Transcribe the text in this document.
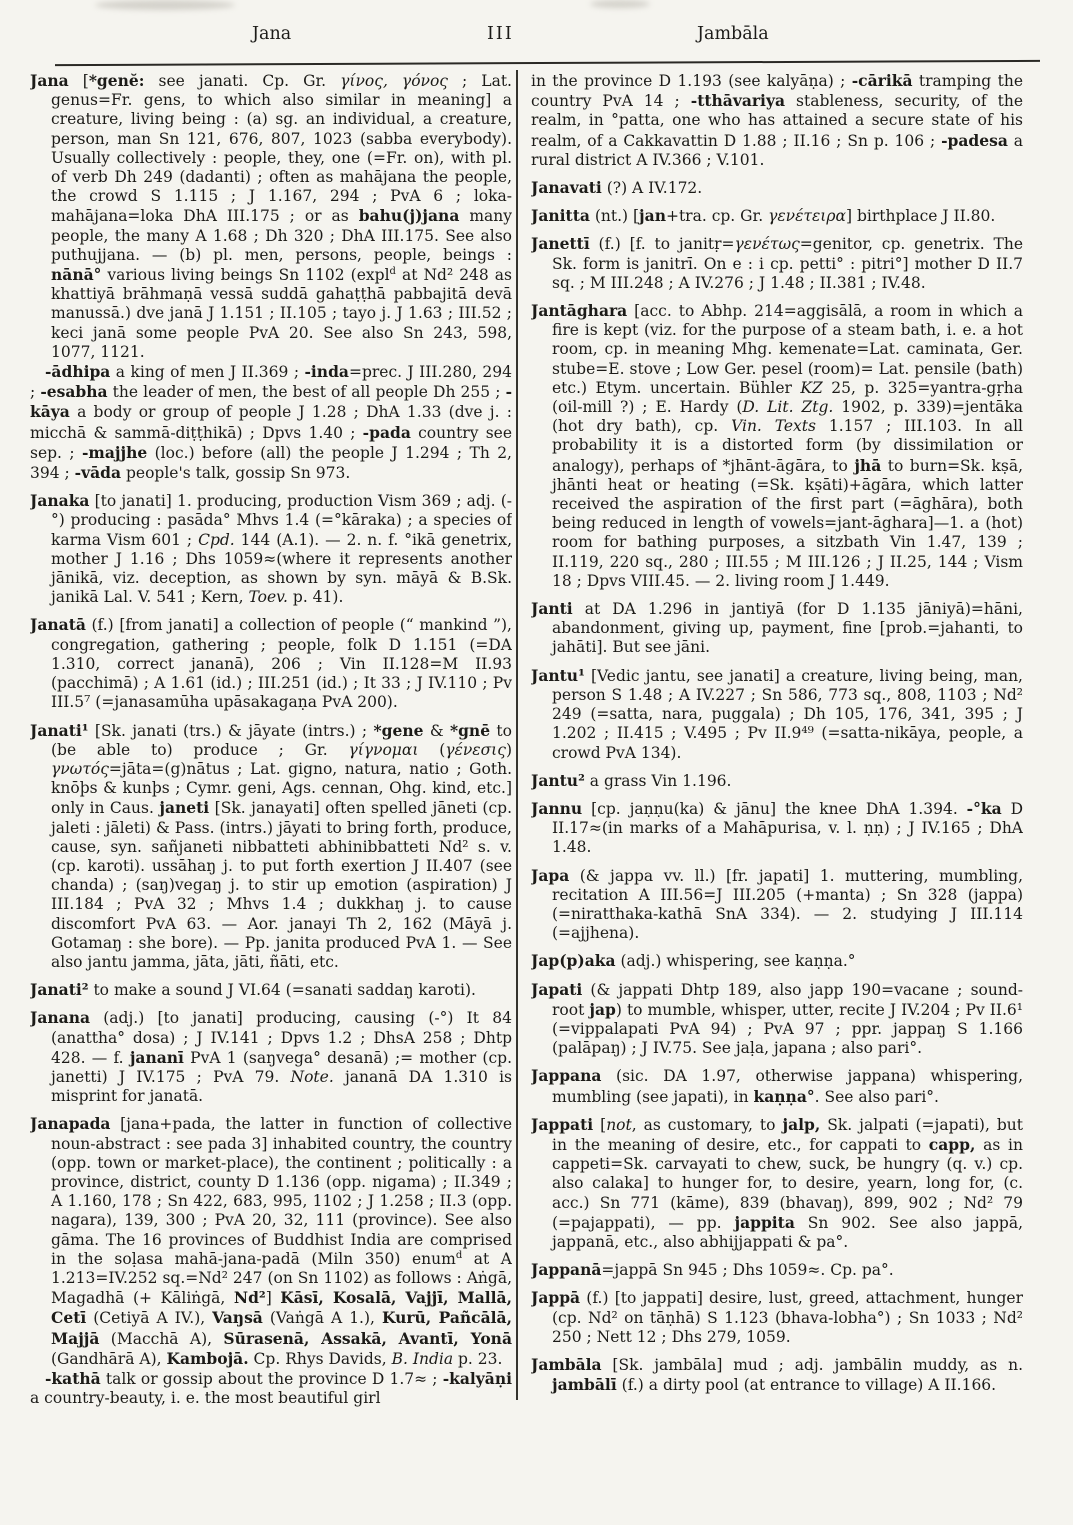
Jana	III	Jambāla

Jana [*genĕ: see janati. Cp. Gr. γίνος, γόνος ; Lat. genus=Fr. gens, to which also similar in meaning] a creature, living being : (a) sg. an individual, a creature, person, man Sn 121, 676, 807, 1023 (sabba everybody). Usually collectively : people, they, one (=Fr. on), with pl. of verb Dh 249 (dadanti) ; often as mahājana the people, the crowd S 1.115 ; J 1.167, 294 ; PvA 6 ; loka-mahājana=loka DhA III.175 ; or as bahu(j)jana many people, the many A 1.68 ; Dh 320 ; DhA III.175. See also puthujjana. — (b) pl. men, persons, people, beings : nānā° various living beings Sn 1102 (expl$^d$ at Nd² 248 as khattiyā brāhmaṇā vessā suddā gahaṭṭhā pabbajitā devā manussā.) dve janā J 1.151 ; II.105 ; tayo j. J 1.63 ; III.52 ; keci janā some people PvA 20. See also Sn 243, 598, 1077, 1121.

-ādhipa a king of men J II.369 ; -inda=prec. J III.280, 294 ; -esabha the leader of men, the best of all people Dh 255 ; -kāya a body or group of people J 1.28 ; DhA 1.33 (dve j. : micchā & sammā-diṭṭhikā) ; Dpvs 1.40 ; -pada country see sep. ; -majjhe (loc.) before (all) the people J 1.294 ; Th 2, 394 ; -vāda people's talk, gossip Sn 973.

Janaka [to janati] 1. producing, production Vism 369 ; adj. (-°) producing : pasāda° Mhvs 1.4 (=°kāraka) ; a species of karma Vism 601 ; Cpd. 144 (A.1). — 2. n. f. °ikā genetrix, mother J 1.16 ; Dhs 1059≈(where it represents another jānikā, viz. deception, as shown by syn. māyā & B.Sk. janikā Lal. V. 541 ; Kern, Toev. p. 41).

Janatā (f.) [from janati] a collection of people (“ mankind ”), congregation, gathering ; people, folk D 1.151 (=DA 1.310, correct jananā), 206 ; Vin II.128=M II.93 (pacchimā) ; A 1.61 (id.) ; III.251 (id.) ; It 33 ; J IV.110 ; Pv III.5⁷ (=janasamūha upāsakagaṇa PvA 200).

Janati¹ [Sk. janati (trs.) & jāyate (intrs.) ; *gene & *gnē to (be able to) produce ; Gr. γίγνομαι (γένεσις) γνωτός=jāta=(g)nātus ; Lat. gigno, natura, natio ; Goth. knōþs & kunþs ; Cymr. geni, Ags. cennan, Ohg. kind, etc.] only in Caus. janeti [Sk. janayati] often spelled jāneti (cp. jaleti : jāleti) & Pass. (intrs.) jāyati to bring forth, produce, cause, syn. sañjaneti nibbatteti abhinibbatteti Nd² s. v. (cp. karoti). ussāhaŋ j. to put forth exertion J II.407 (see chanda) ; (saŋ)vegaŋ j. to stir up emotion (aspiration) J III.184 ; PvA 32 ; Mhvs 1.4 ; dukkhaŋ j. to cause discomfort PvA 63. — Aor. janayi Th 2, 162 (Māyā j. Gotamaŋ : she bore). — Pp. janita produced PvA 1. — See also jantu jamma, jāta, jāti, ñāti, etc.

Janati² to make a sound J VI.64 (=sanati saddaŋ karoti).

Janana (adj.) [to janati] producing, causing (-°) It 84 (anattha° dosa) ; J IV.141 ; Dpvs 1.2 ; DhsA 258 ; Dhtp 428. — f. jananī PvA 1 (saŋvega° desanā) ;= mother (cp. janetti) J IV.175 ; PvA 79. Note. jananā DA 1.310 is misprint for janatā.

Janapada [jana+pada, the latter in function of collective noun-abstract : see pada 3] inhabited country, the country (opp. town or market-place), the continent ; politically : a province, district, county D 1.136 (opp. nigama) ; II.349 ; A 1.160, 178 ; Sn 422, 683, 995, 1102 ; J 1.258 ; II.3 (opp. nagara), 139, 300 ; PvA 20, 32, 111 (province). See also gāma. The 16 provinces of Buddhist India are comprised in the soḷasa mahā-jana-padā (Miln 350) enum$^d$ at A 1.213=IV.252 sq.=Nd² 247 (on Sn 1102) as follows : Aṅgā, Magadhā (+ Kāliṅgā, Nd²] Kāsī, Kosalā, Vajjī, Mallā, Cetī (Cetiyā A IV.), Vaŋsā (Vaṅgā A 1.), Kurū, Pañcālā, Majjā (Macchā A), Sūrasenā, Assakā, Avantī, Yonā (Gandhārā A), Kambojā. Cp. Rhys Davids, B. India p. 23.

-kathā talk or gossip about the province D 1.7≈ ; -kalyāṇi a country-beauty, i. e. the most beautiful girl

in the province D 1.193 (see kalyāṇa) ; -cārikā tramping the country PvA 14 ; -tthāvariya stableness, security, of the realm, in °patta, one who has attained a secure state of his realm, of a Cakkavattin D 1.88 ; II.16 ; Sn p. 106 ; -padesa a rural district A IV.366 ; V.101.

Janavati (?) A IV.172.

Janitta (nt.) [jan+tra. cp. Gr. γενέτειρα] birthplace J II.80.

Janettī (f.) [f. to janitṛ=γενέτως=genitor, cp. genetrix. The Sk. form is janitrī. On e : i cp. petti° : pitri°] mother D II.7 sq. ; M III.248 ; A IV.276 ; J 1.48 ; II.381 ; IV.48.

Jantāghara [acc. to Abhp. 214=aggisālā, a room in which a fire is kept (viz. for the purpose of a steam bath, i. e. a hot room, cp. in meaning Mhg. kemenate=Lat. caminata, Ger. stube=E. stove ; Low Ger. pesel (room)= Lat. pensile (bath) etc.) Etym. uncertain. Bühler KZ 25, p. 325=yantra-gṛha (oil-mill ?) ; E. Hardy (D. Lit. Ztg. 1902, p. 339)=jentāka (hot dry bath), cp. Vin. Texts 1.157 ; III.103. In all probability it is a distorted form (by dissimilation or analogy), perhaps of *jhānt-āgāra, to jhā to burn=Sk. kṣā, jhānti heat or heating (=Sk. kṣāti)+āgāra, which latter received the aspiration of the first part (=āghāra), both being reduced in length of vowels=jant-āghara]—1. a (hot) room for bathing purposes, a sitzbath Vin 1.47, 139 ; II.119, 220 sq., 280 ; III.55 ; M III.126 ; J II.25, 144 ; Vism 18 ; Dpvs VIII.45. — 2. living room J 1.449.

Janti at DA 1.296 in jantiyā (for D 1.135 jāniyā)=hāni, abandonment, giving up, payment, fine [prob.=jahanti, to jahāti]. But see jāni.

Jantu¹ [Vedic jantu, see janati] a creature, living being, man, person S 1.48 ; A IV.227 ; Sn 586, 773 sq., 808, 1103 ; Nd² 249 (=satta, nara, puggala) ; Dh 105, 176, 341, 395 ; J 1.202 ; II.415 ; V.495 ; Pv II.9⁴⁹ (=satta-nikāya, people, a crowd PvA 134).

Jantu² a grass Vin 1.196.

Jannu [cp. jaṇṇu(ka) & jānu] the knee DhA 1.394. -°ka D II.17≈(in marks of a Mahāpurisa, v. l. ṇṇ) ; J IV.165 ; DhA 1.48.

Japa (& jappa vv. ll.) [fr. japati] 1. muttering, mumbling, recitation A III.56=J III.205 (+manta) ; Sn 328 (jappa) (=niratthaka-kathā SnA 334). — 2. studying J III.114 (=ajjhena).

Jap(p)aka (adj.) whispering, see kaṇṇa.°

Japati (& jappati Dhtp 189, also japp 190=vacane ; sound-root jap) to mumble, whisper, utter, recite J IV.204 ; Pv II.6¹ (=vippalapati PvA 94) ; PvA 97 ; ppr. jappaŋ S 1.166 (palāpaŋ) ; J IV.75. See jaḷa, japana ; also pari°.

Jappana (sic. DA 1.97, otherwise jappana) whispering, mumbling (see japati), in kaṇṇa°. See also pari°.

Jappati [not, as customary, to jalp, Sk. jalpati (=japati), but in the meaning of desire, etc., for cappati to capp, as in cappeti=Sk. carvayati to chew, suck, be hungry (q. v.) cp. also calaka] to hunger for, to desire, yearn, long for, (c. acc.) Sn 771 (kāme), 839 (bhavaŋ), 899, 902 ; Nd² 79 (=pajappati), — pp. jappita Sn 902. See also jappā, jappanā, etc., also abhijjappati & pa°.

Jappanā=jappā Sn 945 ; Dhs 1059≈. Cp. pa°.

Jappā (f.) [to jappati] desire, lust, greed, attachment, hunger (cp. Nd² on tāṇhā) S 1.123 (bhava-lobha°) ; Sn 1033 ; Nd² 250 ; Nett 12 ; Dhs 279, 1059.

Jambāla [Sk. jambāla] mud ; adj. jambālin muddy, as n. jambālī (f.) a dirty pool (at entrance to village) A II.166.
